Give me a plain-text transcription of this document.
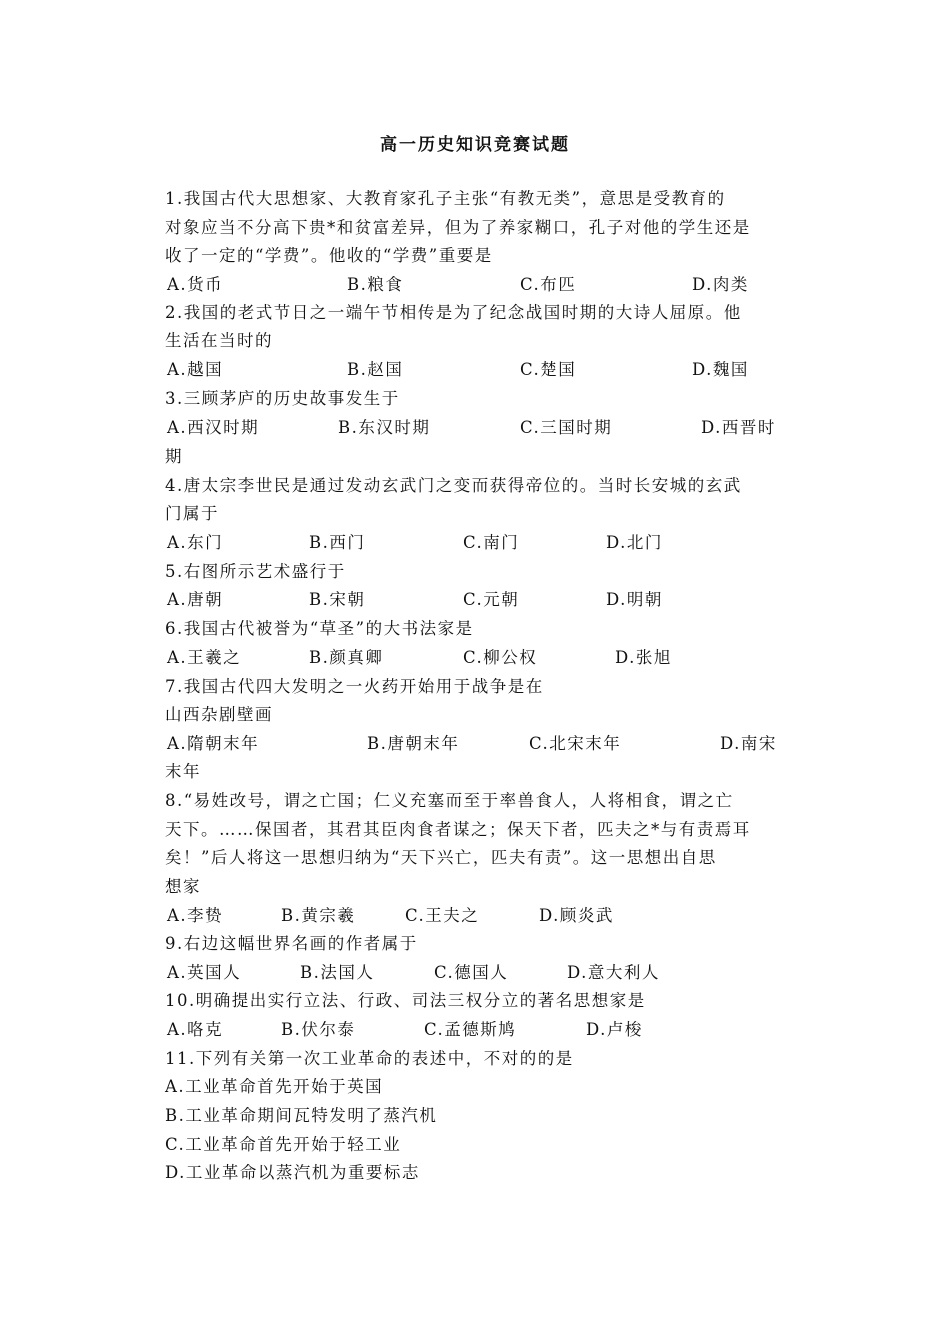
高一历史知识竞赛试题
1.我国古代大思想家、大教育家孔子主张“有教无类”，意思是受教育的
对象应当不分高下贵*和贫富差异，但为了养家糊口，孔子对他的学生还是
收了一定的“学费”。他收的“学费”重要是
A.货币	B.粮食	C.布匹	D.肉类
2.我国的老式节日之一端午节相传是为了纪念战国时期的大诗人屈原。他
生活在当时的
A.越国	B.赵国	C.楚国	D.魏国
3.三顾茅庐的历史故事发生于
A.西汉时期	B.东汉时期	C.三国时期	D.西晋时
期
4.唐太宗李世民是通过发动玄武门之变而获得帝位的。当时长安城的玄武
门属于
A.东门	B.西门	C.南门	D.北门
5.右图所示艺术盛行于
A.唐朝	B.宋朝	C.元朝	D.明朝
6.我国古代被誉为“草圣”的大书法家是
A.王羲之	B.颜真卿	C.柳公权	D.张旭
7.我国古代四大发明之一火药开始用于战争是在
山西杂剧壁画
A.隋朝末年	B.唐朝末年	C.北宋末年	D.南宋
末年
8.“易姓改号，谓之亡国；仁义充塞而至于率兽食人，人将相食，谓之亡
天下。……保国者，其君其臣肉食者谋之；保天下者，匹夫之*与有责焉耳
矣！”后人将这一思想归纳为“天下兴亡，匹夫有责”。这一思想出自思
想家
A.李贽	B.黄宗羲	C.王夫之	D.顾炎武
9.右边这幅世界名画的作者属于
A.英国人	B.法国人	C.德国人	D.意大利人
10.明确提出实行立法、行政、司法三权分立的著名思想家是
A.咯克	B.伏尔泰	C.孟德斯鸠	D.卢梭
11.下列有关第一次工业革命的表述中，不对的的是
A.工业革命首先开始于英国
B.工业革命期间瓦特发明了蒸汽机
C.工业革命首先开始于轻工业
D.工业革命以蒸汽机为重要标志
